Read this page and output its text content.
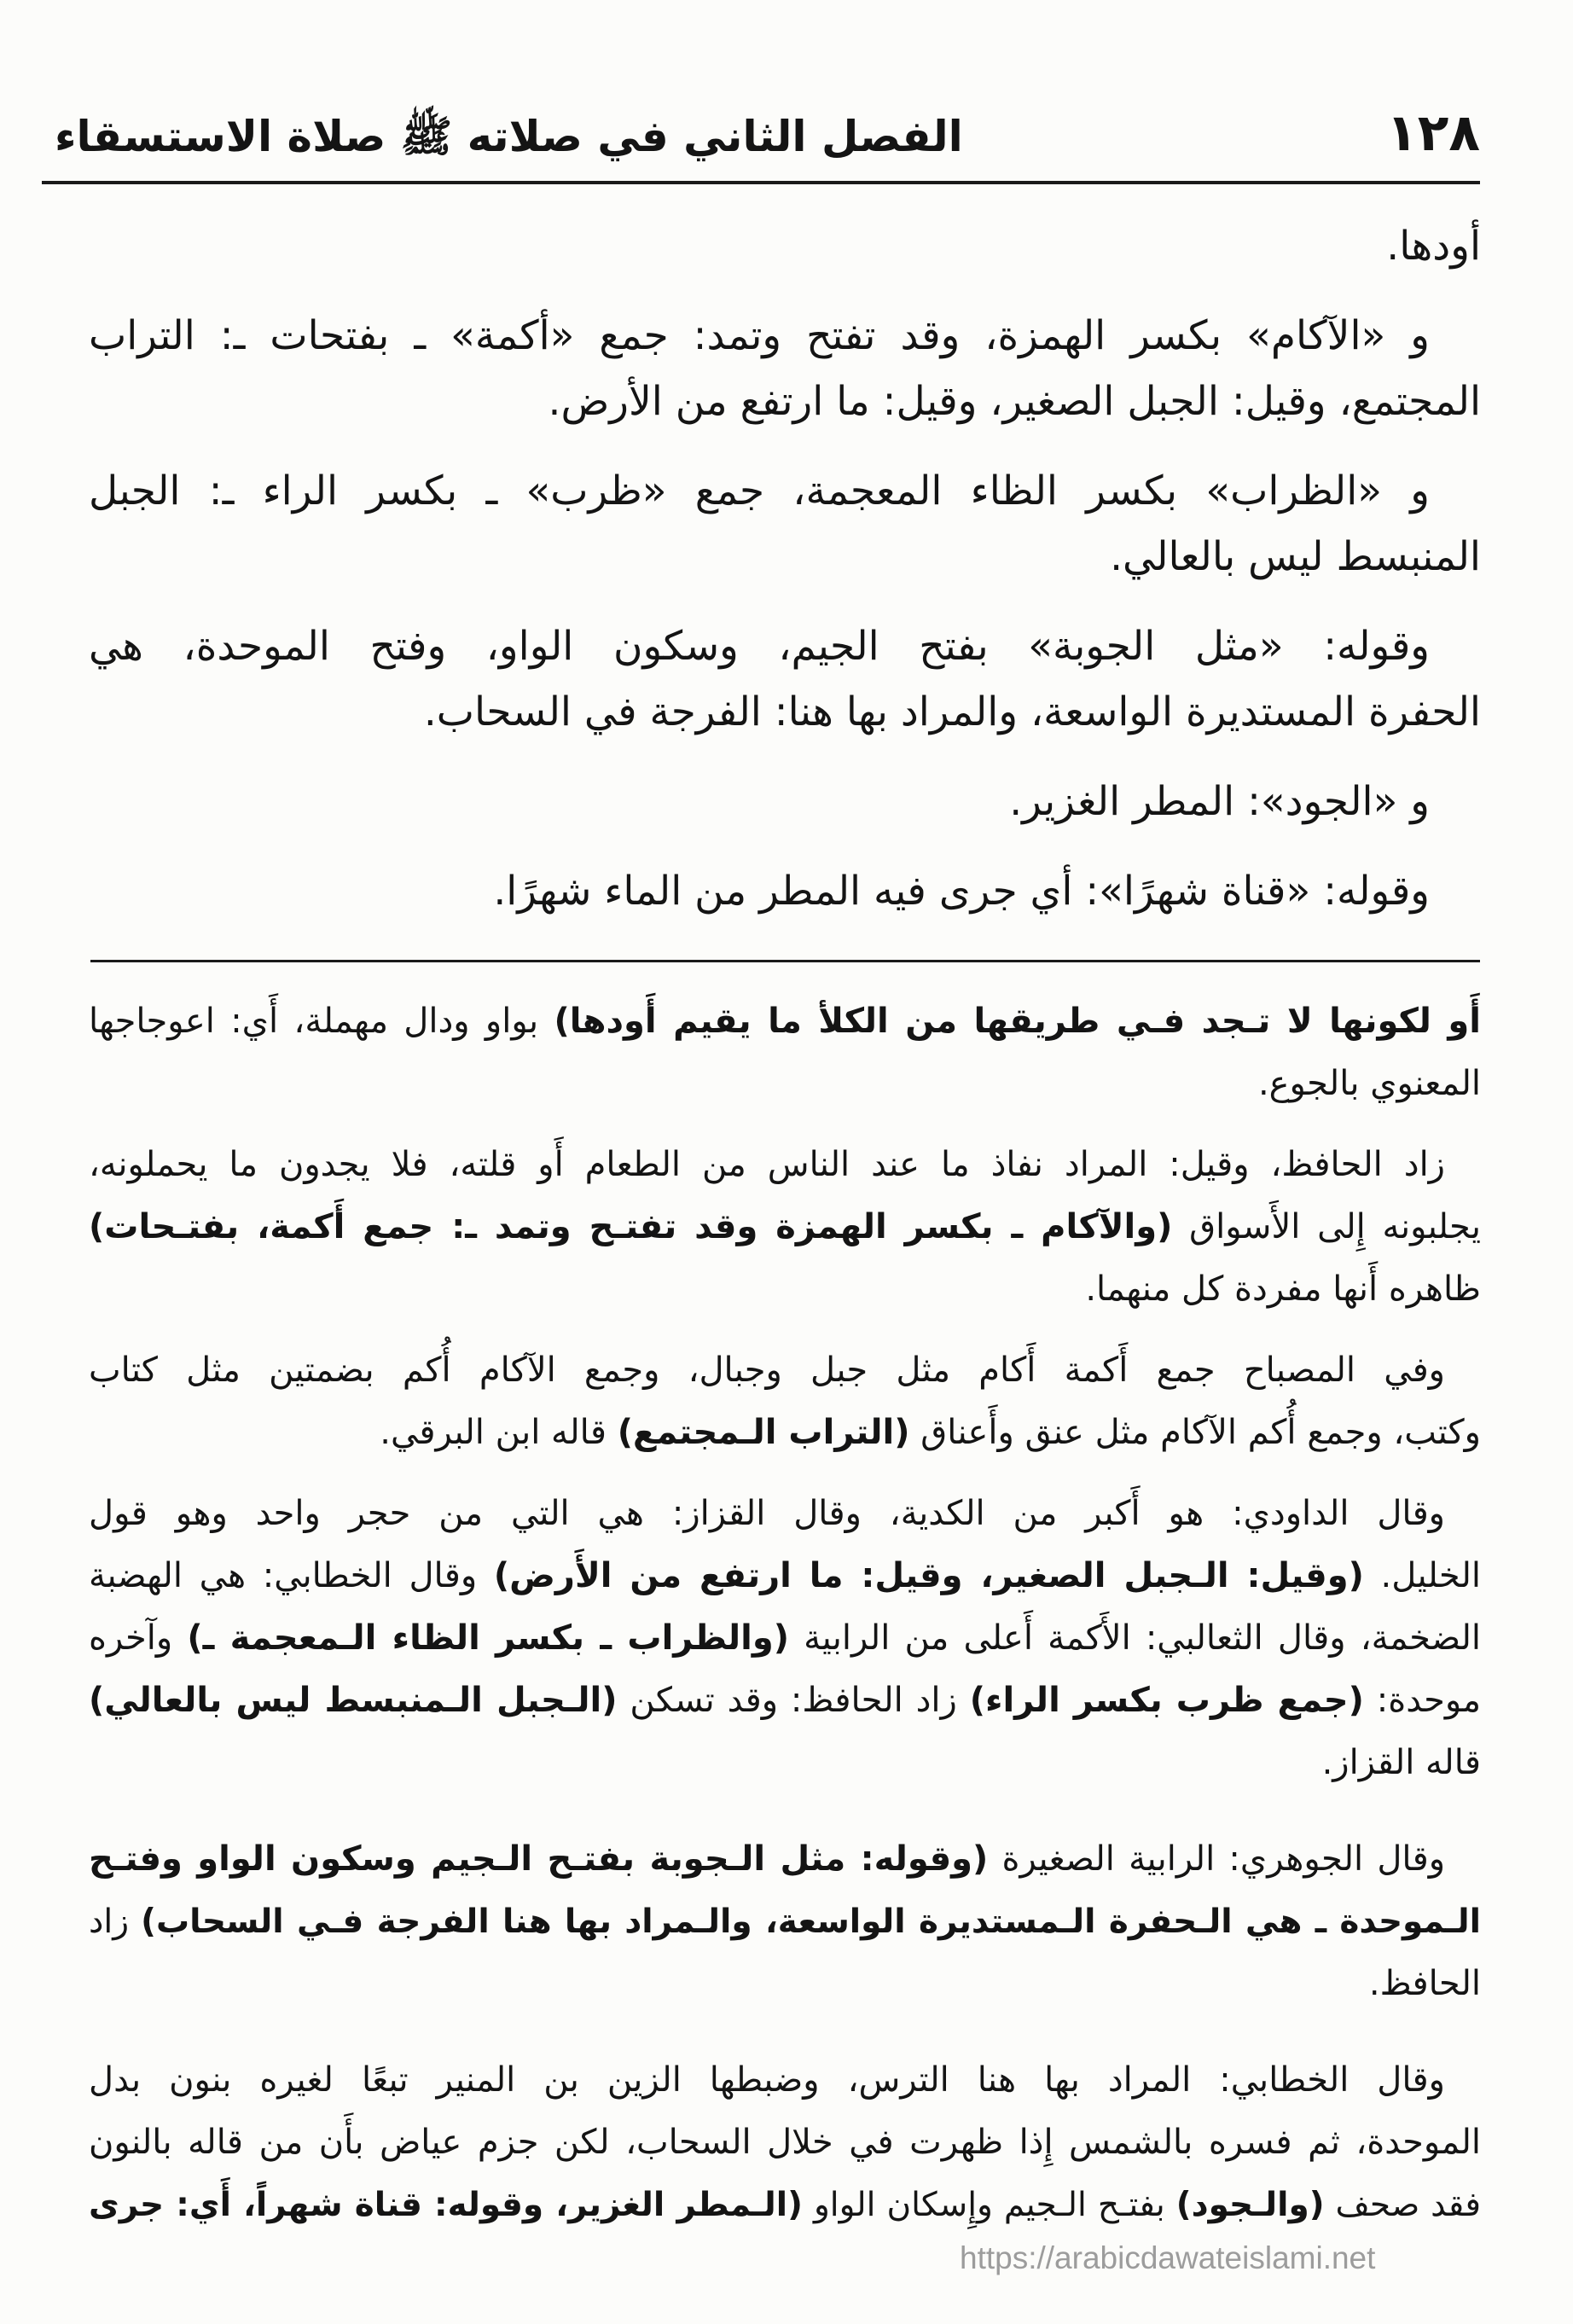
١٢٨
الفصل الثاني في صلاته ﷺ صلاة الاستسقاء
أودها.
و «الآكام» بكسر الهمزة، وقد تفتح وتمد: جمع «أكمة» ـ بفتحات ـ: التراب
المجتمع، وقيل: الجبل الصغير، وقيل: ما ارتفع من الأرض.
و «الظراب» بكسر الظاء المعجمة، جمع «ظرب» ـ بكسر الراء ـ: الجبل
المنبسط ليس بالعالي.
وقوله: «مثل الجوبة» بفتح الجيم، وسكون الواو، وفتح الموحدة، هي
الحفرة المستديرة الواسعة، والمراد بها هنا: الفرجة في السحاب.
و «الجود»: المطر الغزير.
وقوله: «قناة شهرًا»: أي جرى فيه المطر من الماء شهرًا.
أَو لكونها لا تـجد فـي طريقها من الكلأ ما يقيم أَودها) بواو ودال مهملة، أَي: اعوجاجها
المعنوي بالجوع.
زاد الحافظ، وقيل: المراد نفاذ ما عند الناس من الطعام أَو قلته، فلا يجدون ما يحملونه،
يجلبونه إِلى الأَسواق (والآكام ـ بكسر الهمزة وقد تفتـح وتمد ـ: جمع أَكمة، بفتـحات)
ظاهره أَنها مفردة كل منهما.
وفي المصباح جمع أَكمة أَكام مثل جبل وجبال، وجمع الآكام أُكم بضمتين مثل كتاب
وكتب، وجمع أُكم الآكام مثل عنق وأَعناق (التراب الـمجتمع) قاله ابن البرقي.
وقال الداودي: هو أَكبر من الكدية، وقال القزاز: هي التي من حجر واحد وهو قول
الخليل. (وقيل: الـجبل الصغير، وقيل: ما ارتفع من الأَرض) وقال الخطابي: هي الهضبة
الضخمة، وقال الثعالبي: الأَكمة أَعلى من الرابية (والظراب ـ بكسر الظاء الـمعجمة ـ) وآخره
موحدة: (جمع ظرب بكسر الراء) زاد الحافظ: وقد تسكن (الـجبل الـمنبسط ليس بالعالي)
قاله القزاز.
وقال الجوهري: الرابية الصغيرة (وقوله: مثل الـجوبة بفتـح الـجيم وسكون الواو وفتـح
الـموحدة ـ هي الـحفرة الـمستديرة الواسعة، والـمراد بها هنا الفرجة فـي السحاب) زاد
الحافظ.
وقال الخطابي: المراد بها هنا الترس، وضبطها الزين بن المنير تبعًا لغيره بنون بدل
الموحدة، ثم فسره بالشمس إِذا ظهرت في خلال السحاب، لكن جزم عياض بأَن من قاله بالنون
فقد صحف (والـجود) بفتـح الـجيم وإِسكان الواو (الـمطر الغزير، وقوله: قناة شهراً، أَي: جرى
https://arabicdawateislami.net
